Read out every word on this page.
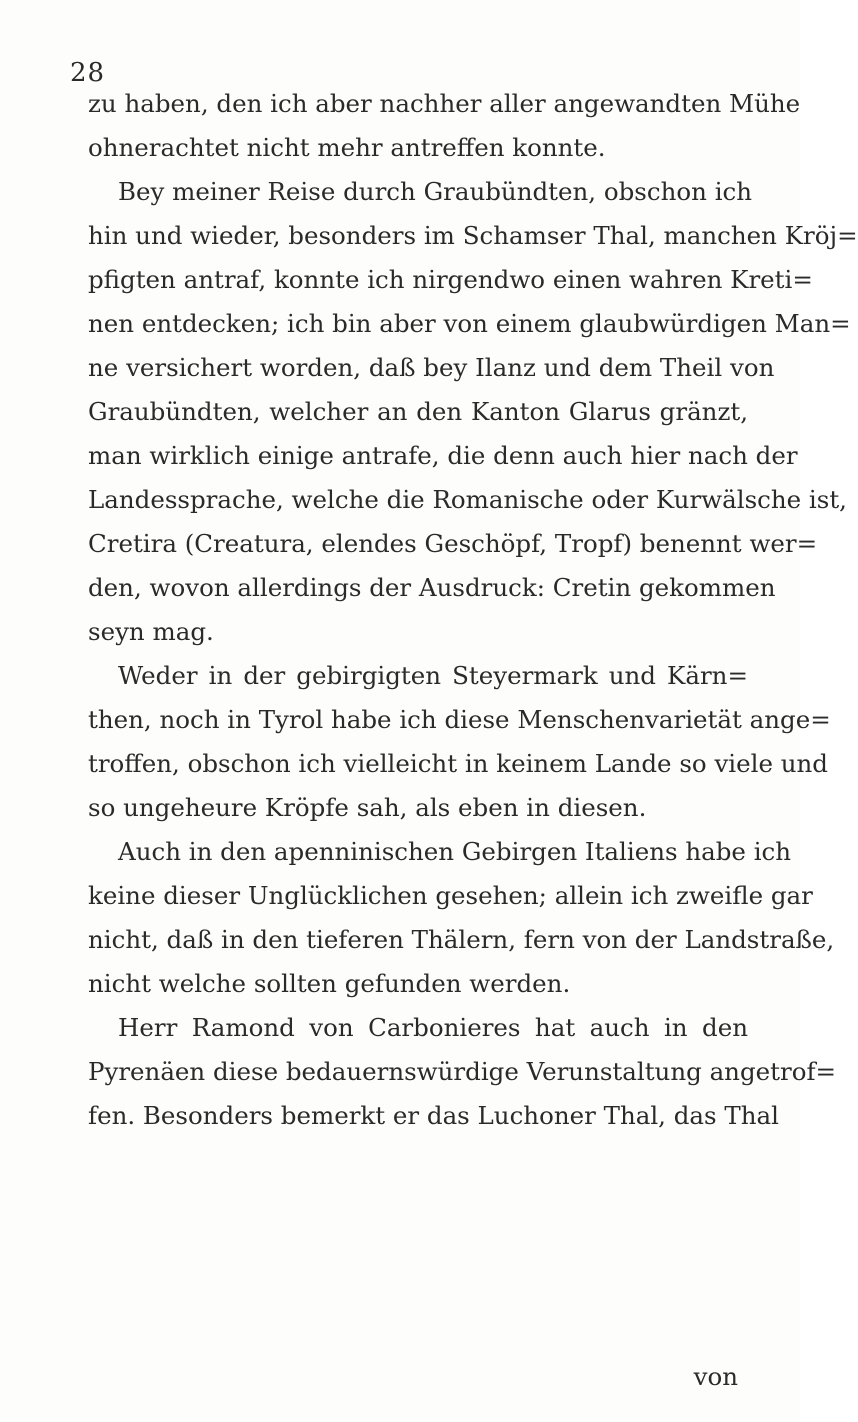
28
zu haben, den ich aber nachher aller angewandten Mühe
ohnerachtet nicht mehr antreffen konnte.
Bey meiner Reise durch Graubündten, obschon ich
hin und wieder, besonders im Schamser Thal, manchen Kröj=
pfigten antraf, konnte ich nirgendwo einen wahren Kreti=
nen entdecken; ich bin aber von einem glaubwürdigen Man=
ne versichert worden, daß bey Ilanz und dem Theil von
Graubündten, welcher an den Kanton Glarus gränzt,
man wirklich einige antrafe, die denn auch hier nach der
Landessprache, welche die Romanische oder Kurwälsche ist,
Cretira (Creatura, elendes Geschöpf, Tropf) benennt wer=
den, wovon allerdings der Ausdruck: Cretin gekommen
seyn mag.
Weder in der gebirgigten Steyermark und Kärn=
then, noch in Tyrol habe ich diese Menschenvarietät ange=
troffen, obschon ich vielleicht in keinem Lande so viele und
so ungeheure Kröpfe sah, als eben in diesen.
Auch in den apenninischen Gebirgen Italiens habe ich
keine dieser Unglücklichen gesehen; allein ich zweifle gar
nicht, daß in den tieferen Thälern, fern von der Landstraße,
nicht welche sollten gefunden werden.
Herr Ramond von Carbonieres hat auch in den
Pyrenäen diese bedauernswürdige Verunstaltung angetrof=
fen. Besonders bemerkt er das Luchoner Thal, das Thal
von
